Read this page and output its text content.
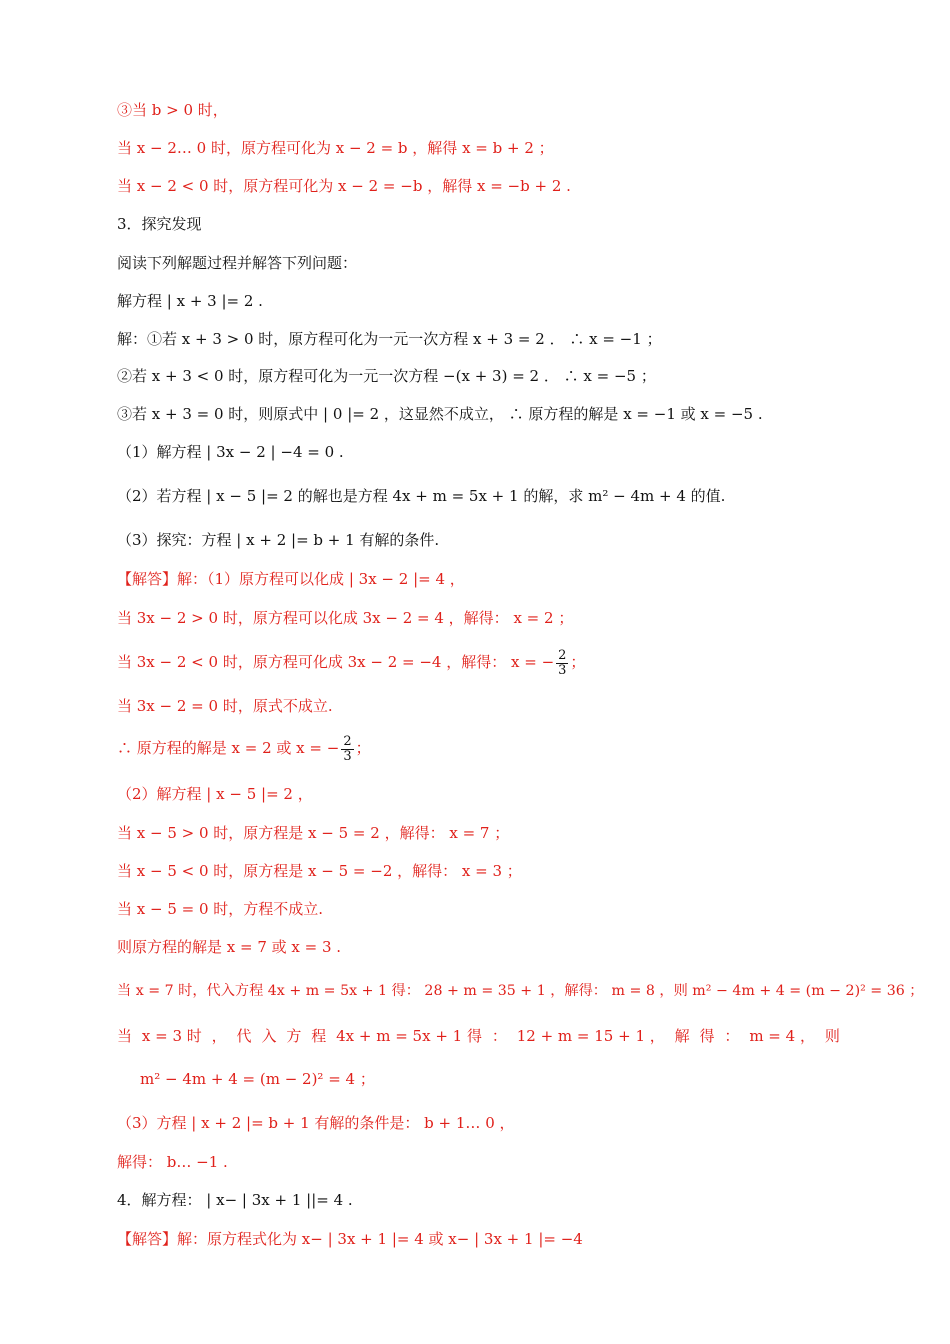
③当 b > 0 时，
当 x − 2… 0 时，原方程可化为 x − 2 = b ，解得 x = b + 2 ；
当 x − 2 < 0 时，原方程可化为 x − 2 = −b ，解得 x = −b + 2 .
3．探究发现
阅读下列解题过程并解答下列问题：
解方程 | x + 3 |= 2 .
解：①若 x + 3 > 0 时，原方程可化为一元一次方程 x + 3 = 2 ． ∴ x = −1 ；
②若 x + 3 < 0 时，原方程可化为一元一次方程 −(x + 3) = 2 ． ∴ x = −5 ；
③若 x + 3 = 0 时，则原式中 | 0 |= 2 ，这显然不成立， ∴ 原方程的解是 x = −1 或 x = −5 .
（1）解方程 | 3x − 2 | −4 = 0 .
（2）若方程 | x − 5 |= 2 的解也是方程 4x + m = 5x + 1 的解，求 m² − 4m + 4 的值.
（3）探究：方程 | x + 2 |= b + 1 有解的条件.
【解答】解：（1）原方程可以化成 | 3x − 2 |= 4 ，
当 3x − 2 > 0 时，原方程可以化成 3x − 2 = 4 ，解得： x = 2 ；
当 3x − 2 < 0 时，原方程可化成 3x − 2 = −4 ，解得： x = − $\frac{2}{3}$ ；
当 3x − 2 = 0 时，原式不成立.
∴ 原方程的解是 x = 2 或 x = − $\frac{2}{3}$ ；
（2）解方程 | x − 5 |= 2 ，
当 x − 5 > 0 时，原方程是 x − 5 = 2 ，解得： x = 7 ；
当 x − 5 < 0 时，原方程是 x − 5 = −2 ，解得： x = 3 ；
当 x − 5 = 0 时，方程不成立.
则原方程的解是 x = 7 或 x = 3 .
当 x = 7 时，代入方程 4x + m = 5x + 1 得： 28 + m = 35 + 1 ，解得： m = 8 ，则 m² − 4m + 4 = (m − 2)² = 36 ；
当 x = 3 时 ， 代 入 方 程 4x + m = 5x + 1 得 ： 12 + m = 15 + 1 ， 解 得 ： m = 4 ， 则
m² − 4m + 4 = (m − 2)² = 4 ；
（3）方程 | x + 2 |= b + 1 有解的条件是： b + 1… 0 ，
解得： b… −1 .
4．解方程： | x− | 3x + 1 ||= 4 .
【解答】解：原方程式化为 x− | 3x + 1 |= 4 或 x− | 3x + 1 |= −4
